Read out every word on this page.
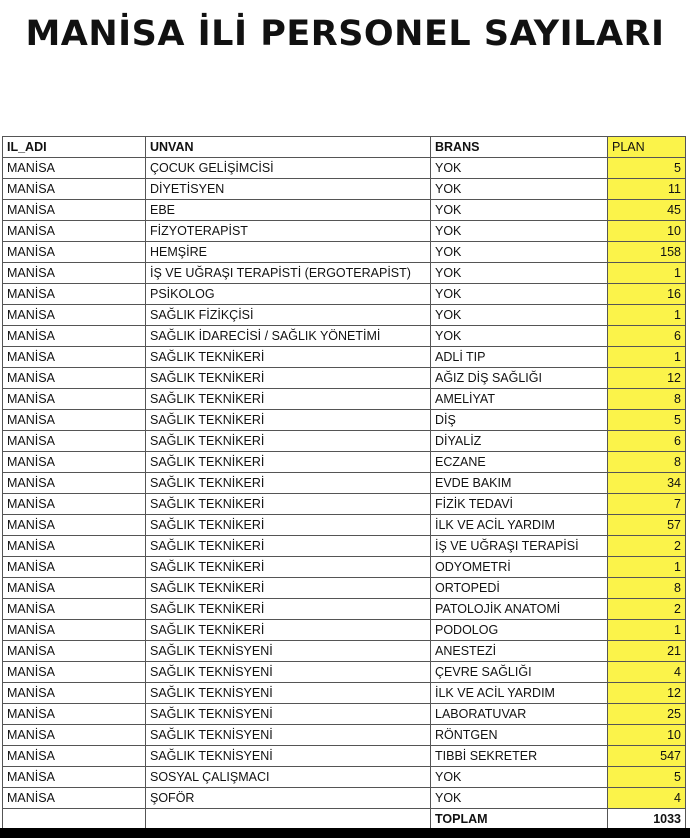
MANİSA İLİ PERSONEL SAYILARI
IL_ADI	UNVAN	BRANS	PLAN
MANİSA	ÇOCUK GELİŞİMCİSİ	YOK	5
MANİSA	DİYETİSYEN	YOK	11
MANİSA	EBE	YOK	45
MANİSA	FİZYOTERAPİST	YOK	10
MANİSA	HEMŞİRE	YOK	158
MANİSA	İŞ VE UĞRAŞI TERAPİSTİ (ERGOTERAPİST)	YOK	1
MANİSA	PSİKOLOG	YOK	16
MANİSA	SAĞLIK FİZİKÇİSİ	YOK	1
MANİSA	SAĞLIK İDARECİSİ / SAĞLIK YÖNETİMİ	YOK	6
MANİSA	SAĞLIK TEKNİKERİ	ADLİ TIP	1
MANİSA	SAĞLIK TEKNİKERİ	AĞIZ DİŞ SAĞLIĞI	12
MANİSA	SAĞLIK TEKNİKERİ	AMELİYAT	8
MANİSA	SAĞLIK TEKNİKERİ	DİŞ	5
MANİSA	SAĞLIK TEKNİKERİ	DİYALİZ	6
MANİSA	SAĞLIK TEKNİKERİ	ECZANE	8
MANİSA	SAĞLIK TEKNİKERİ	EVDE BAKIM	34
MANİSA	SAĞLIK TEKNİKERİ	FİZİK TEDAVİ	7
MANİSA	SAĞLIK TEKNİKERİ	İLK VE ACİL YARDIM	57
MANİSA	SAĞLIK TEKNİKERİ	İŞ VE UĞRAŞI TERAPİSİ	2
MANİSA	SAĞLIK TEKNİKERİ	ODYOMETRİ	1
MANİSA	SAĞLIK TEKNİKERİ	ORTOPEDİ	8
MANİSA	SAĞLIK TEKNİKERİ	PATOLOJİK ANATOMİ	2
MANİSA	SAĞLIK TEKNİKERİ	PODOLOG	1
MANİSA	SAĞLIK TEKNİSYENİ	ANESTEZİ	21
MANİSA	SAĞLIK TEKNİSYENİ	ÇEVRE SAĞLIĞI	4
MANİSA	SAĞLIK TEKNİSYENİ	İLK VE ACİL YARDIM	12
MANİSA	SAĞLIK TEKNİSYENİ	LABORATUVAR	25
MANİSA	SAĞLIK TEKNİSYENİ	RÖNTGEN	10
MANİSA	SAĞLIK TEKNİSYENİ	TIBBİ SEKRETER	547
MANİSA	SOSYAL ÇALIŞMACI	YOK	5
MANİSA	ŞOFÖR	YOK	4
		TOPLAM	1033
